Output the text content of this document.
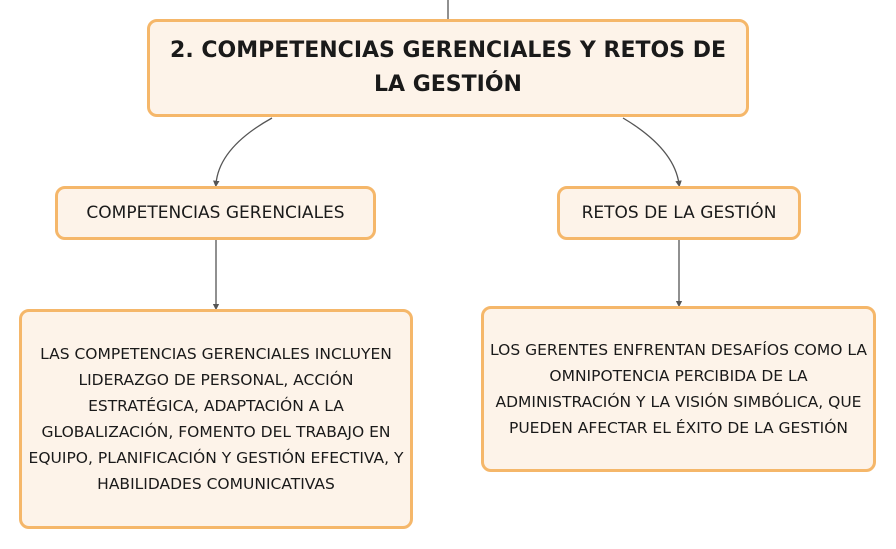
2. COMPETENCIAS GERENCIALES Y RETOS DE LA GESTIÓN
COMPETENCIAS GERENCIALES	RETOS DE LA GESTIÓN
LAS COMPETENCIAS GERENCIALES INCLUYEN LIDERAZGO DE PERSONAL, ACCIÓN ESTRATÉGICA, ADAPTACIÓN A LA GLOBALIZACIÓN, FOMENTO DEL TRABAJO EN EQUIPO, PLANIFICACIÓN Y GESTIÓN EFECTIVA, Y HABILIDADES COMUNICATIVAS
LOS GERENTES ENFRENTAN DESAFÍOS COMO LA OMNIPOTENCIA PERCIBIDA DE LA ADMINISTRACIÓN Y LA VISIÓN SIMBÓLICA, QUE PUEDEN AFECTAR EL ÉXITO DE LA GESTIÓN
